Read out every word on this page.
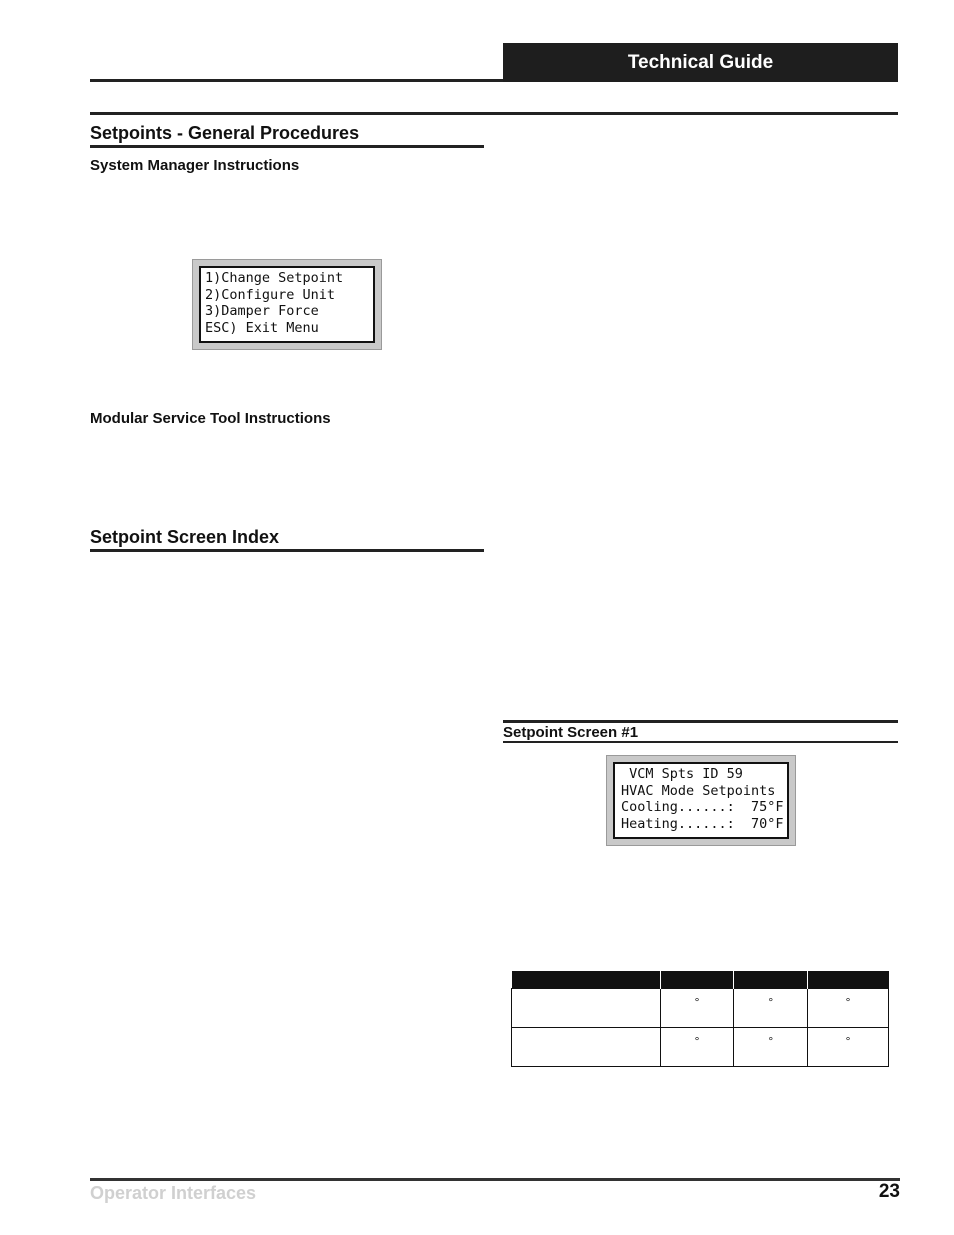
Technical Guide
Setpoints - General Procedures
System Manager Instructions
1)Change Setpoint
2)Configure Unit
3)Damper Force
ESC) Exit Menu
Modular Service Tool Instructions
Setpoint Screen Index
Setpoint Screen #1
VCM Spts ID 59
HVAC Mode Setpoints
Cooling......:  75°F
Heating......:  70°F

	°	°	°
	°	°	°
Operator Interfaces	23
